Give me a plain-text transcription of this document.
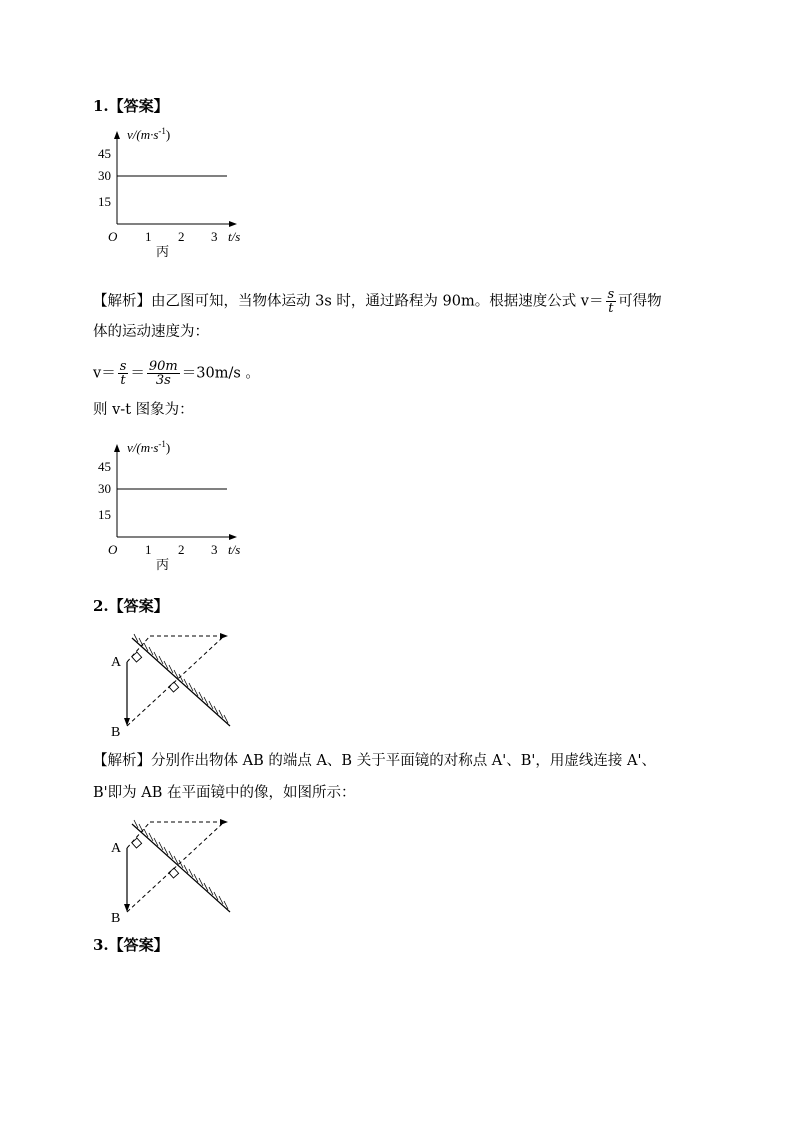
1.【答案】
$v/(m\cdot s^{-1})$
45
30
15
O 1 2 3 t/s
丙
【解析】由乙图可知，当物体运动 3s 时，通过路程为 90m。根据速度公式 $v= \frac{s}{t}$ 可得物
体的运动速度为：
$v= \frac{s}{t} = \frac{90m}{3s} =30m/s$ 。
则 v-t 图象为：
$v/(m\cdot s^{-1})$
45
30
15
O 1 2 3 t/s
丙
2.【答案】
A
B
【解析】分别作出物体 AB 的端点 A、B 关于平面镜的对称点 A'、B'，用虚线连接 A'、
B'即为 AB 在平面镜中的像，如图所示：
A
B
3.【答案】
